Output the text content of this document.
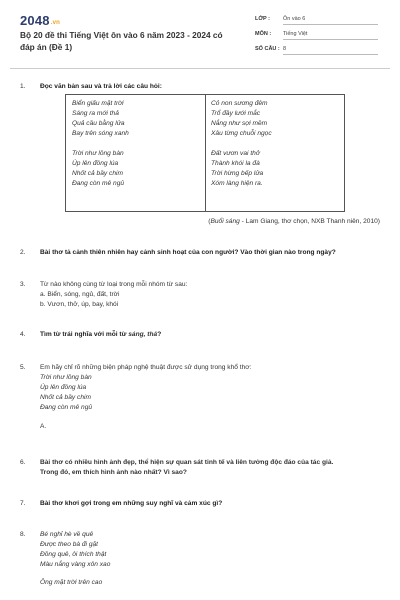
2048.vn
Bộ 20 đề thi Tiếng Việt ôn vào 6 năm 2023 - 2024 có đáp án (Đề 1)
LỚP : Ôn vào 6
MÔN : Tiếng Việt
SỐ CÂU : 8
1. Đọc văn bản sau và trả lời các câu hỏi:
Biển giấu mặt trời
Sáng ra mới thả
Quả cầu bằng lửa
Bay trên sóng xanh
Trời như lồng bàn
Úp lên đồng lúa
Nhốt cả bầy chim
Đang còn mê ngủ
Cỏ non sương đêm
Trổ đầy lưới mắc
Nắng như sợi mềm
Xâu từng chuỗi ngọc
Đất vươn vai thở
Thành khói la đà
Trời hừng bếp lửa
Xóm làng hiện ra.
(Buổi sáng - Lam Giang, thơ chọn, NXB Thanh niên, 2010)
2. Bài thơ tả cảnh thiên nhiên hay cảnh sinh hoạt của con người? Vào thời gian nào trong ngày?
3. Từ nào không cùng từ loại trong mỗi nhóm từ sau:
a. Biển, sóng, ngủ, đất, trời
b. Vươn, thở, úp, bay, khói
4. Tìm từ trái nghĩa với mỗi từ sáng, thả?
5. Em hãy chỉ rõ những biện pháp nghệ thuật được sử dụng trong khổ thơ:
Trời như lồng bàn
Úp lên đồng lúa
Nhốt cả bầy chim
Đang còn mê ngủ
A.
6. Bài thơ có nhiều hình ảnh đẹp, thể hiện sự quan sát tinh tế và liên tưởng độc đáo của tác giả.
Trong đó, em thích hình ảnh nào nhất? Vì sao?
7. Bài thơ khơi gợi trong em những suy nghĩ và cảm xúc gì?
8. Bé nghỉ hè về quê
Được theo bà đi gặt
Đồng quê, ôi thích thật
Màu nắng vàng xôn xao
Ông mặt trời trên cao
